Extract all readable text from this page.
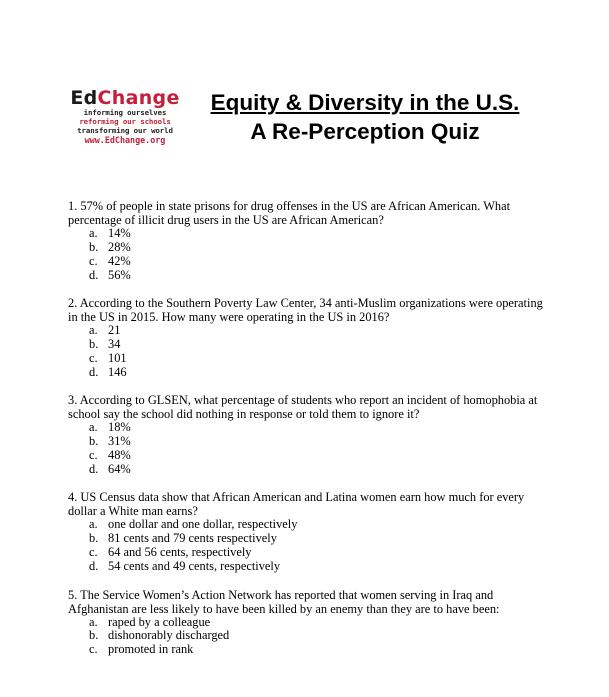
EdChange
informing ourselves
reforming our schools
transforming our world
www.EdChange.org
Equity & Diversity in the U.S.
A Re-Perception Quiz

1. 57% of people in state prisons for drug offenses in the US are African American. What percentage of illicit drug users in the US are African American?

a. 14%
b. 28%
c. 42%
d. 56%

2. According to the Southern Poverty Law Center, 34 anti-Muslim organizations were operating in the US in 2015. How many were operating in the US in 2016?

a. 21
b. 34
c. 101
d. 146

3. According to GLSEN, what percentage of students who report an incident of homophobia at school say the school did nothing in response or told them to ignore it?

a. 18%
b. 31%
c. 48%
d. 64%

4. US Census data show that African American and Latina women earn how much for every dollar a White man earns?

a. one dollar and one dollar, respectively
b. 81 cents and 79 cents respectively
c. 64 and 56 cents, respectively
d. 54 cents and 49 cents, respectively

5. The Service Women’s Action Network has reported that women serving in Iraq and Afghanistan are less likely to have been killed by an enemy than they are to have been:

a. raped by a colleague
b. dishonorably discharged
c. promoted in rank
